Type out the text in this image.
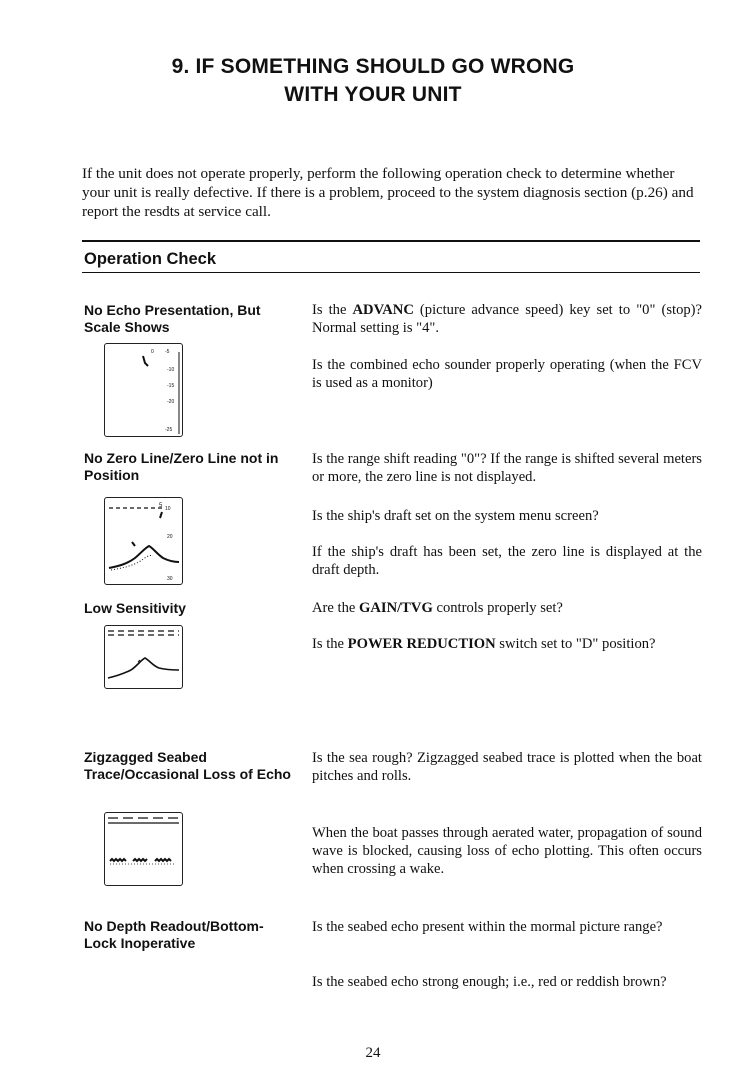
9. IF SOMETHING SHOULD GO WRONG
WITH YOUR UNIT
If the unit does not operate properly, perform the following operation check to determine whether your unit is really defective. If there is a problem, proceed to the system diagnosis section (p.26) and report the resdts at service call.
Operation Check
No Echo Presentation, But Scale Shows
Is the ADVANC (picture advance speed) key set to "0" (stop)? Normal setting is "4".
Is the combined echo sounder properly operating (when the FCV is used as a monitor)
0 -5
-10
-15
-20
-25
No Zero Line/Zero Line not in Position
Is the range shift reading "0"? If the range is shifted several meters or more, the zero line is not displayed.
Is the ship's draft set on the system menu screen?
If the ship's draft has been set, the zero line is displayed at the draft depth.
5 10
20
30
Low Sensitivity	Are the GAIN/TVG controls properly set?
Is the POWER REDUCTION switch set to "D" position?
Zigzagged Seabed Trace/Occasional Loss of Echo
Is the sea rough? Zigzagged seabed trace is plotted when the boat pitches and rolls.
When the boat passes through aerated water, propagation of sound wave is blocked, causing loss of echo plotting. This often occurs when crossing a wake.
No Depth Readout/Bottom-Lock Inoperative
Is the seabed echo present within the mormal picture range?
Is the seabed echo strong enough; i.e., red or reddish brown?
24
